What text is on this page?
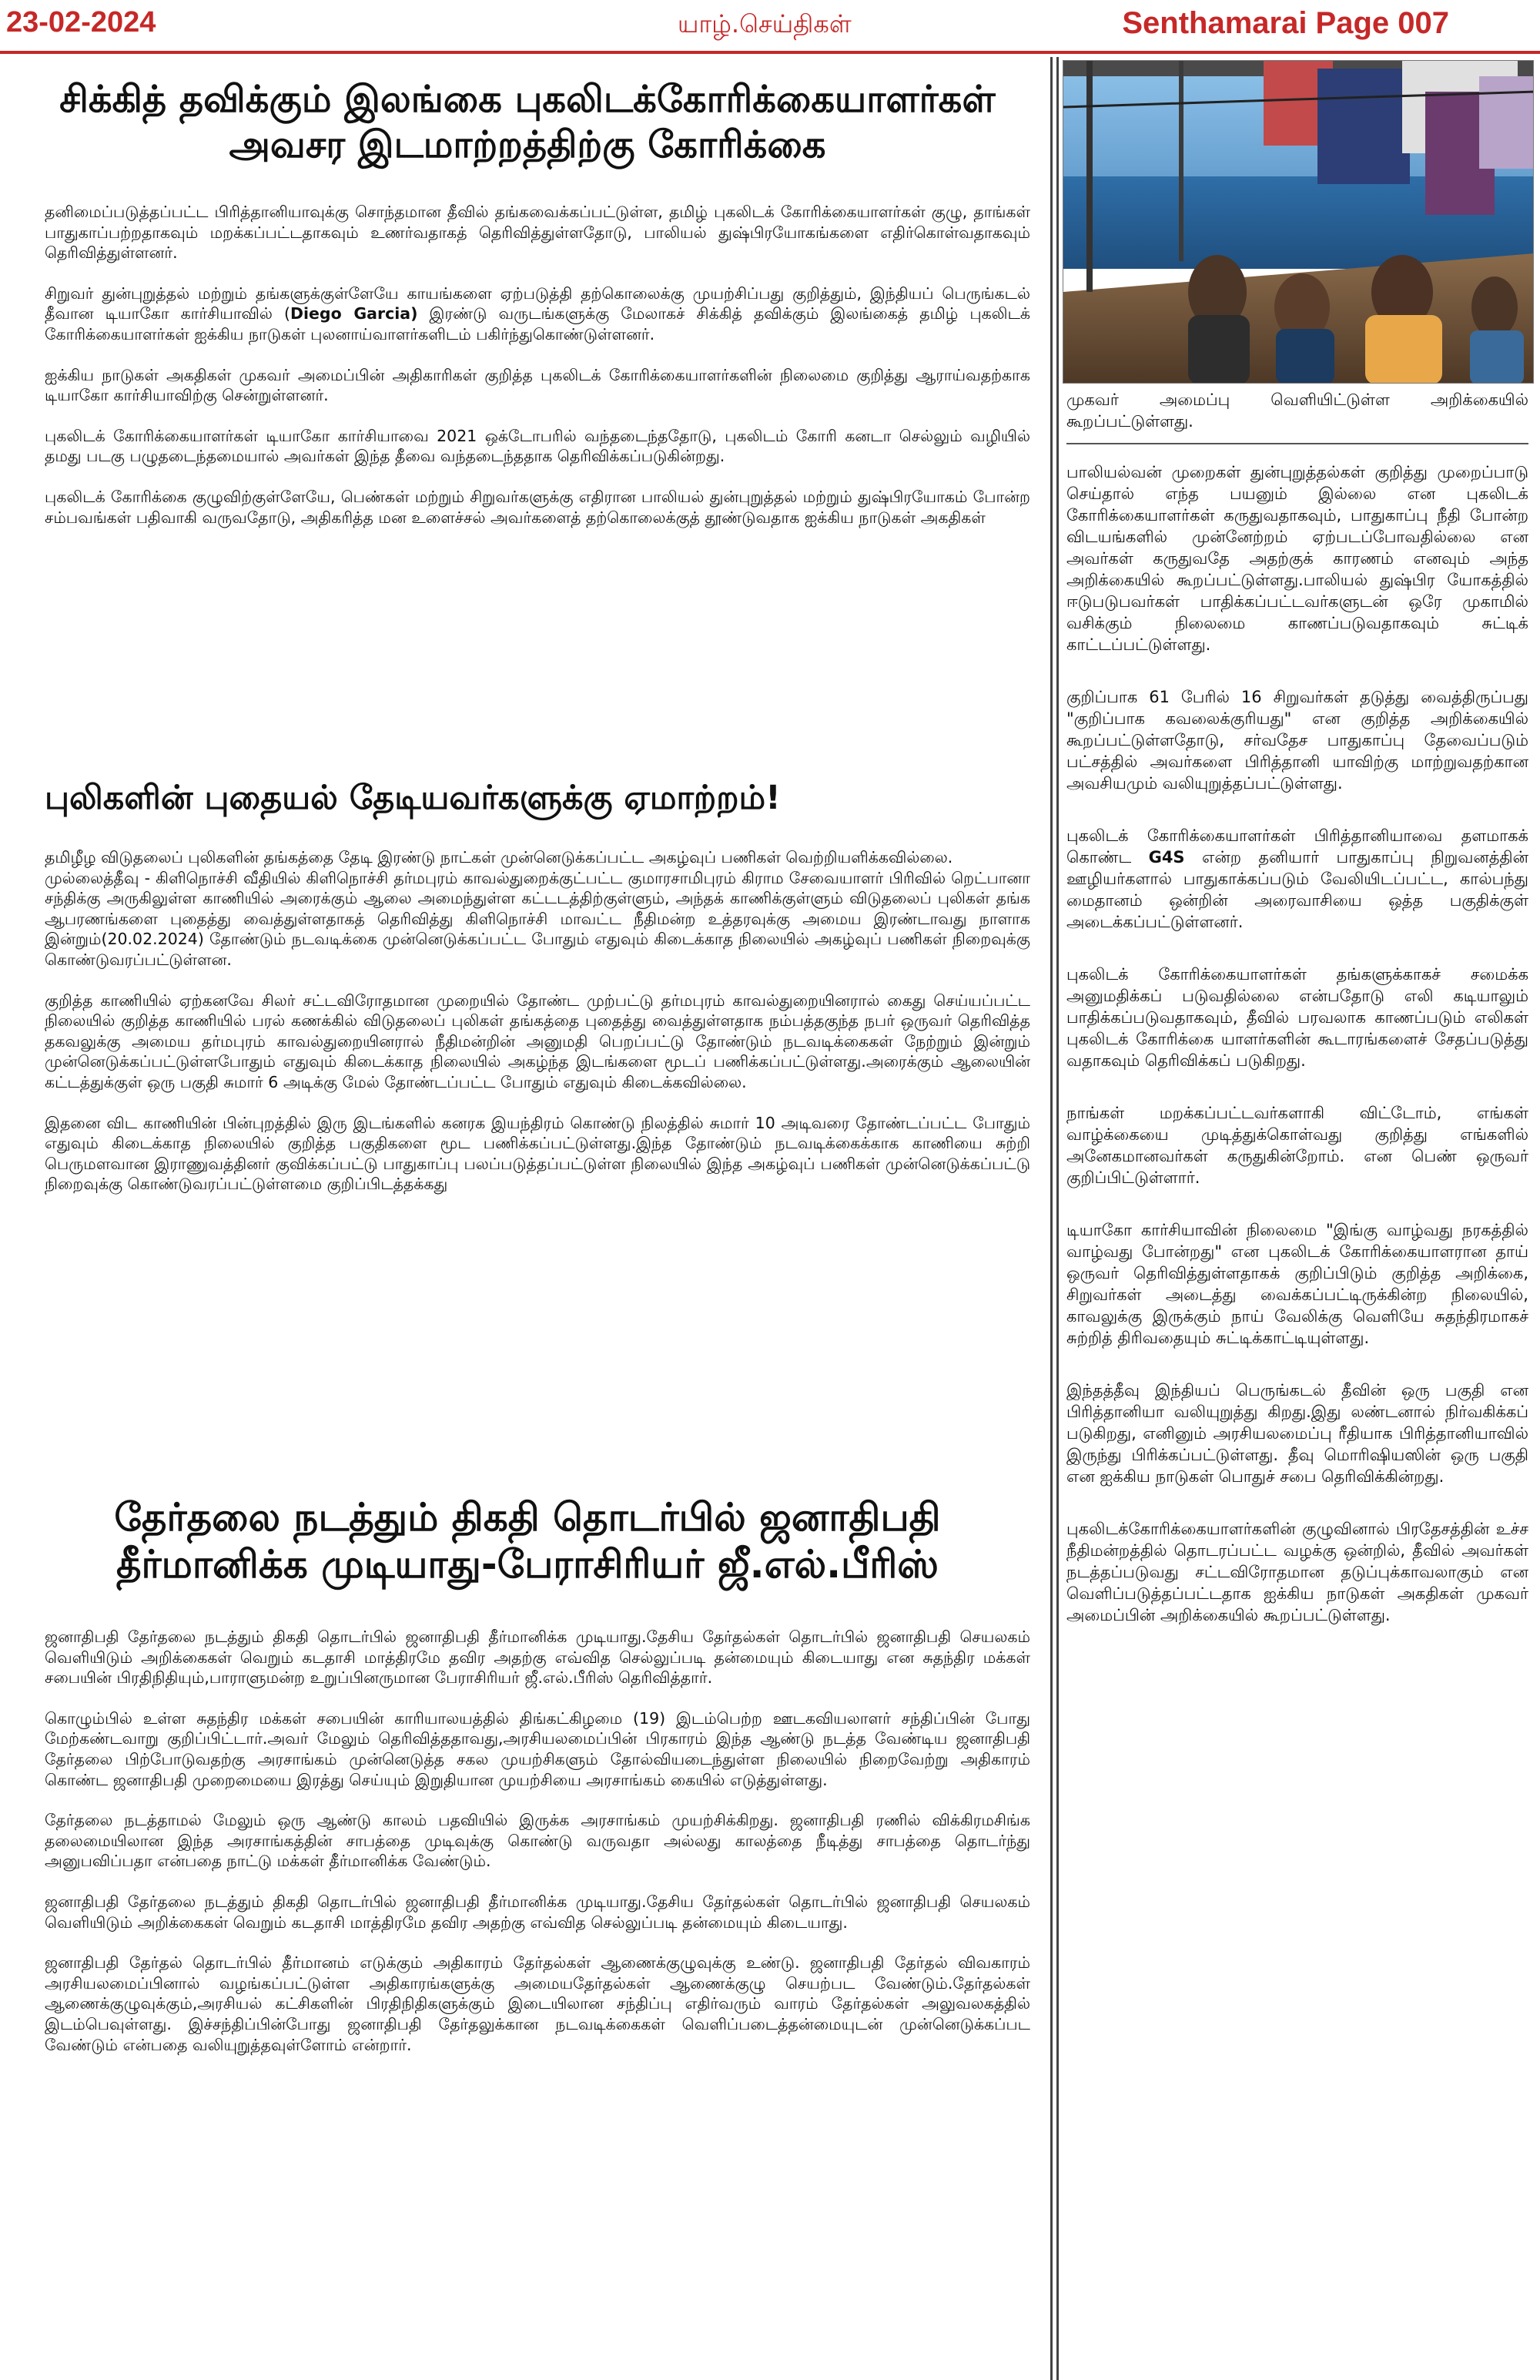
23-02-2024	யாழ்.செய்திகள்	Senthamarai Page 007
சிக்கித் தவிக்கும் இலங்கை புகலிடக்கோரிக்கையாளர்கள்
அவசர இடமாற்றத்திற்கு கோரிக்கை

தனிமைப்படுத்தப்பட்ட பிரித்தானியாவுக்கு சொந்தமான தீவில் தங்கவைக்கப்பட்டுள்ள, தமிழ் புகலிடக் கோரிக்கையாளர்கள் குழு, தாங்கள் பாதுகாப்பற்றதாகவும் மறக்கப்பட்டதாகவும் உணர்வதாகத் தெரிவித்துள்ளதோடு, பாலியல் துஷ்பிரயோகங்களை எதிர்கொள்வதாகவும் தெரிவித்துள்ளனர்.

சிறுவர் துன்புறுத்தல் மற்றும் தங்களுக்குள்ளேயே காயங்களை ஏற்படுத்தி தற்கொலைக்கு முயற்சிப்பது குறித்தும், இந்தியப் பெருங்கடல் தீவான டியாகோ கார்சியாவில் (Diego Garcia) இரண்டு வருடங்களுக்கு மேலாகச் சிக்கித் தவிக்கும் இலங்கைத் தமிழ் புகலிடக் கோரிக்கையாளர்கள் ஐக்கிய நாடுகள் புலனாய்வாளர்களிடம் பகிர்ந்துகொண்டுள்ளனர்.

ஐக்கிய நாடுகள் அகதிகள் முகவர் அமைப்பின் அதிகாரிகள் குறித்த புகலிடக் கோரிக்கையாளர்களின் நிலைமை குறித்து ஆராய்வதற்காக டியாகோ கார்சியாவிற்கு சென்றுள்ளனர்.

புகலிடக் கோரிக்கையாளர்கள் டியாகோ கார்சியாவை 2021 ஒக்டோபரில் வந்தடைந்ததோடு, புகலிடம் கோரி கனடா செல்லும் வழியில் தமது படகு பழுதடைந்தமையால் அவர்கள் இந்த தீவை வந்தடைந்ததாக தெரிவிக்கப்படுகின்றது.

புகலிடக் கோரிக்கை குழுவிற்குள்ளேயே, பெண்கள் மற்றும் சிறுவர்களுக்கு எதிரான பாலியல் துன்புறுத்தல் மற்றும் துஷ்பிரயோகம் போன்ற சம்பவங்கள் பதிவாகி வருவதோடு, அதிகரித்த மன உளைச்சல் அவர்களைத் தற்கொலைக்குத் தூண்டுவதாக ஐக்கிய நாடுகள் அகதிகள்

புலிகளின் புதையல் தேடியவர்களுக்கு ஏமாற்றம்!

தமிழீழ விடுதலைப் புலிகளின் தங்கத்தை தேடி இரண்டு நாட்கள் முன்னெடுக்கப்பட்ட அகழ்வுப் பணிகள் வெற்றியளிக்கவில்லை.

முல்லைத்தீவு - கிளிநொச்சி வீதியில் கிளிநொச்சி தர்மபுரம் காவல்துறைக்குட்பட்ட குமாரசாமிபுரம் கிராம சேவையாளர் பிரிவில் றெட்பானா சந்திக்கு அருகிலுள்ள காணியில் அரைக்கும் ஆலை அமைந்துள்ள கட்டடத்திற்குள்ளும், அந்தக் காணிக்குள்ளும் விடுதலைப் புலிகள் தங்க ஆபரணங்களை புதைத்து வைத்துள்ளதாகத் தெரிவித்து கிளிநொச்சி மாவட்ட நீதிமன்ற உத்தரவுக்கு அமைய இரண்டாவது நாளாக இன்றும்(20.02.2024) தோண்டும் நடவடிக்கை முன்னெடுக்கப்பட்ட போதும் எதுவும் கிடைக்காத நிலையில் அகழ்வுப் பணிகள் நிறைவுக்கு கொண்டுவரப்பட்டுள்ளன.

குறித்த காணியில் ஏற்கனவே சிலர் சட்டவிரோதமான முறையில் தோண்ட முற்பட்டு தர்மபுரம் காவல்துறையினரால் கைது செய்யப்பட்ட நிலையில் குறித்த காணியில் பரல் கணக்கில் விடுதலைப் புலிகள் தங்கத்தை புதைத்து வைத்துள்ளதாக நம்பத்தகுந்த நபர் ஒருவர் தெரிவித்த தகவலுக்கு அமைய தர்மபுரம் காவல்துறையினரால் நீதிமன்றின் அனுமதி பெறப்பட்டு தோண்டும் நடவடிக்கைகள் நேற்றும் இன்றும் முன்னெடுக்கப்பட்டுள்ளபோதும் எதுவும் கிடைக்காத நிலையில் அகழ்ந்த இடங்களை மூடப் பணிக்கப்பட்டுள்ளது.அரைக்கும் ஆலையின் கட்டத்துக்குள் ஒரு பகுதி சுமார் 6 அடிக்கு மேல் தோண்டப்பட்ட போதும் எதுவும் கிடைக்கவில்லை.

இதனை விட காணியின் பின்புறத்தில் இரு இடங்களில் கனரக இயந்திரம் கொண்டு நிலத்தில் சுமார் 10 அடிவரை தோண்டப்பட்ட போதும் எதுவும் கிடைக்காத நிலையில் குறித்த பகுதிகளை மூட பணிக்கப்பட்டுள்ளது.இந்த தோண்டும் நடவடிக்கைக்காக காணியை சுற்றி பெருமளவான இராணுவத்தினர் குவிக்கப்பட்டு பாதுகாப்பு பலப்படுத்தப்பட்டுள்ள நிலையில் இந்த அகழ்வுப் பணிகள் முன்னெடுக்கப்பட்டு நிறைவுக்கு கொண்டுவரப்பட்டுள்ளமை குறிப்பிடத்தக்கது

தேர்தலை நடத்தும் திகதி தொடர்பில் ஜனாதிபதி
தீர்மானிக்க முடியாது-பேராசிரியர் ஜீ.எல்.பீரிஸ்

ஜனாதிபதி தேர்தலை நடத்தும் திகதி தொடர்பில் ஜனாதிபதி தீர்மானிக்க முடியாது.தேசிய தேர்தல்கள் தொடர்பில் ஜனாதிபதி செயலகம் வெளியிடும் அறிக்கைகள் வெறும் கடதாசி மாத்திரமே தவிர அதற்கு எவ்வித செல்லுப்படி தன்மையும் கிடையாது என சுதந்திர மக்கள் சபையின் பிரதிநிதியும்,பாராளுமன்ற உறுப்பினருமான பேராசிரியர் ஜீ.எல்.பீரிஸ் தெரிவித்தார்.

கொழும்பில் உள்ள சுதந்திர மக்கள் சபையின் காரியாலயத்தில் திங்கட்கிழமை (19) இடம்பெற்ற ஊடகவியலாளர் சந்திப்பின் போது மேற்கண்டவாறு குறிப்பிட்டார்.அவர் மேலும் தெரிவித்ததாவது,அரசியலமைப்பின் பிரகாரம் இந்த ஆண்டு நடத்த வேண்டிய ஜனாதிபதி தேர்தலை பிற்போடுவதற்கு அரசாங்கம் முன்னெடுத்த சகல முயற்சிகளும் தோல்வியடைந்துள்ள நிலையில் நிறைவேற்று அதிகாரம் கொண்ட ஜனாதிபதி முறைமையை இரத்து செய்யும் இறுதியான முயற்சியை அரசாங்கம் கையில் எடுத்துள்ளது.

தேர்தலை நடத்தாமல் மேலும் ஒரு ஆண்டு காலம் பதவியில் இருக்க அரசாங்கம் முயற்சிக்கிறது. ஜனாதிபதி ரணில் விக்கிரமசிங்க தலைமையிலான இந்த அரசாங்கத்தின் சாபத்தை முடிவுக்கு கொண்டு வருவதா அல்லது காலத்தை நீடித்து சாபத்தை தொடர்ந்து அனுபவிப்பதா என்பதை நாட்டு மக்கள் தீர்மானிக்க வேண்டும்.

ஜனாதிபதி தேர்தலை நடத்தும் திகதி தொடர்பில் ஜனாதிபதி தீர்மானிக்க முடியாது.தேசிய தேர்தல்கள் தொடர்பில் ஜனாதிபதி செயலகம் வெளியிடும் அறிக்கைகள் வெறும் கடதாசி மாத்திரமே தவிர அதற்கு எவ்வித செல்லுப்படி தன்மையும் கிடையாது.

ஜனாதிபதி தேர்தல் தொடர்பில் தீர்மானம் எடுக்கும் அதிகாரம் தேர்தல்கள் ஆணைக்குழுவுக்கு உண்டு. ஜனாதிபதி தேர்தல் விவகாரம் அரசியலமைப்பினால் வழங்கப்பட்டுள்ள அதிகாரங்களுக்கு அமையதேர்தல்கள் ஆணைக்குழு செயற்பட வேண்டும்.தேர்தல்கள் ஆணைக்குழுவுக்கும்,அரசியல் கட்சிகளின் பிரதிநிதிகளுக்கும் இடையிலான சந்திப்பு எதிர்வரும் வாரம் தேர்தல்கள் அலுவலகத்தில் இடம்பெவுள்ளது. இச்சந்திப்பின்போது ஜனாதிபதி தேர்தலுக்கான நடவடிக்கைகள் வெளிப்படைத்தன்மையுடன் முன்னெடுக்கப்பட வேண்டும் என்பதை வலியுறுத்தவுள்ளோம் என்றார்.

முகவர் அமைப்பு வெளியிட்டுள்ள அறிக்கையில் கூறப்பட்டுள்ளது.

பாலியல்வன் முறைகள் துன்புறுத்தல்கள் குறித்து முறைப்பாடு செய்தால் எந்த பயனும் இல்லை என புகலிடக் கோரிக்கையாளர்கள் கருதுவதாகவும், பாதுகாப்பு நீதி போன்ற விடயங்களில் முன்னேற்றம் ஏற்படப்போவதில்லை என அவர்கள் கருதுவதே அதற்குக் காரணம் எனவும் அந்த அறிக்கையில் கூறப்பட்டுள்ளது.பாலியல் துஷ்பிர யோகத்தில் ஈடுபடுபவர்கள் பாதிக்கப்பட்டவர்களுடன் ஒரே முகாமில் வசிக்கும் நிலைமை காணப்படுவதாகவும் சுட்டிக் காட்டப்பட்டுள்ளது.

குறிப்பாக 61 பேரில் 16 சிறுவர்கள் தடுத்து வைத்திருப்பது "குறிப்பாக கவலைக்குரியது" என குறித்த அறிக்கையில் கூறப்பட்டுள்ளதோடு, சர்வதேச பாதுகாப்பு தேவைப்படும் பட்சத்தில் அவர்களை பிரித்தானி யாவிற்கு மாற்றுவதற்கான அவசியமும் வலியுறுத்தப்பட்டுள்ளது.

புகலிடக் கோரிக்கையாளர்கள் பிரித்தானியாவை தளமாகக் கொண்ட G4S என்ற தனியார் பாதுகாப்பு நிறுவனத்தின் ஊழியர்களால் பாதுகாக்கப்படும் வேலியிடப்பட்ட, கால்பந்து மைதானம் ஒன்றின் அரைவாசியை ஒத்த பகுதிக்குள் அடைக்கப்பட்டுள்ளனர்.

புகலிடக் கோரிக்கையாளர்கள் தங்களுக்காகச் சமைக்க அனுமதிக்கப் படுவதில்லை என்பதோடு எலி கடியாலும் பாதிக்கப்படுவதாகவும், தீவில் பரவலாக காணப்படும் எலிகள் புகலிடக் கோரிக்கை யாளர்களின் கூடாரங்களைச் சேதப்படுத்து வதாகவும் தெரிவிக்கப் படுகிறது.

நாங்கள் மறக்கப்பட்டவர்களாகி விட்டோம், எங்கள் வாழ்க்கையை முடித்துக்கொள்வது குறித்து எங்களில் அனேகமானவர்கள் கருதுகின்றோம். என பெண் ஒருவர் குறிப்பிட்டுள்ளார்.

டியாகோ கார்சியாவின் நிலைமை "இங்கு வாழ்வது நரகத்தில் வாழ்வது போன்றது" என புகலிடக் கோரிக்கையாளரான தாய் ஒருவர் தெரிவித்துள்ளதாகக் குறிப்பிடும் குறித்த அறிக்கை, சிறுவர்கள் அடைத்து வைக்கப்பட்டிருக்கின்ற நிலையில், காவலுக்கு இருக்கும் நாய் வேலிக்கு வெளியே சுதந்திரமாகச் சுற்றித் திரிவதையும் சுட்டிக்காட்டியுள்ளது.

இந்தத்தீவு இந்தியப் பெருங்கடல் தீவின் ஒரு பகுதி என பிரித்தானியா வலியுறுத்து கிறது.இது லண்டனால் நிர்வகிக்கப் படுகிறது, எனினும் அரசியலமைப்பு ரீதியாக பிரித்தானியாவில் இருந்து பிரிக்கப்பட்டுள்ளது. தீவு மொரிஷியஸின் ஒரு பகுதி என ஐக்கிய நாடுகள் பொதுச் சபை தெரிவிக்கின்றது.

புகலிடக்கோரிக்கையாளர்களின் குழுவினால் பிரதேசத்தின் உச்ச நீதிமன்றத்தில் தொடரப்பட்ட வழக்கு ஒன்றில், தீவில் அவர்கள் நடத்தப்படுவது சட்டவிரோதமான தடுப்புக்காவலாகும் என வெளிப்படுத்தப்பட்டதாக ஐக்கிய நாடுகள் அகதிகள் முகவர் அமைப்பின் அறிக்கையில் கூறப்பட்டுள்ளது.
